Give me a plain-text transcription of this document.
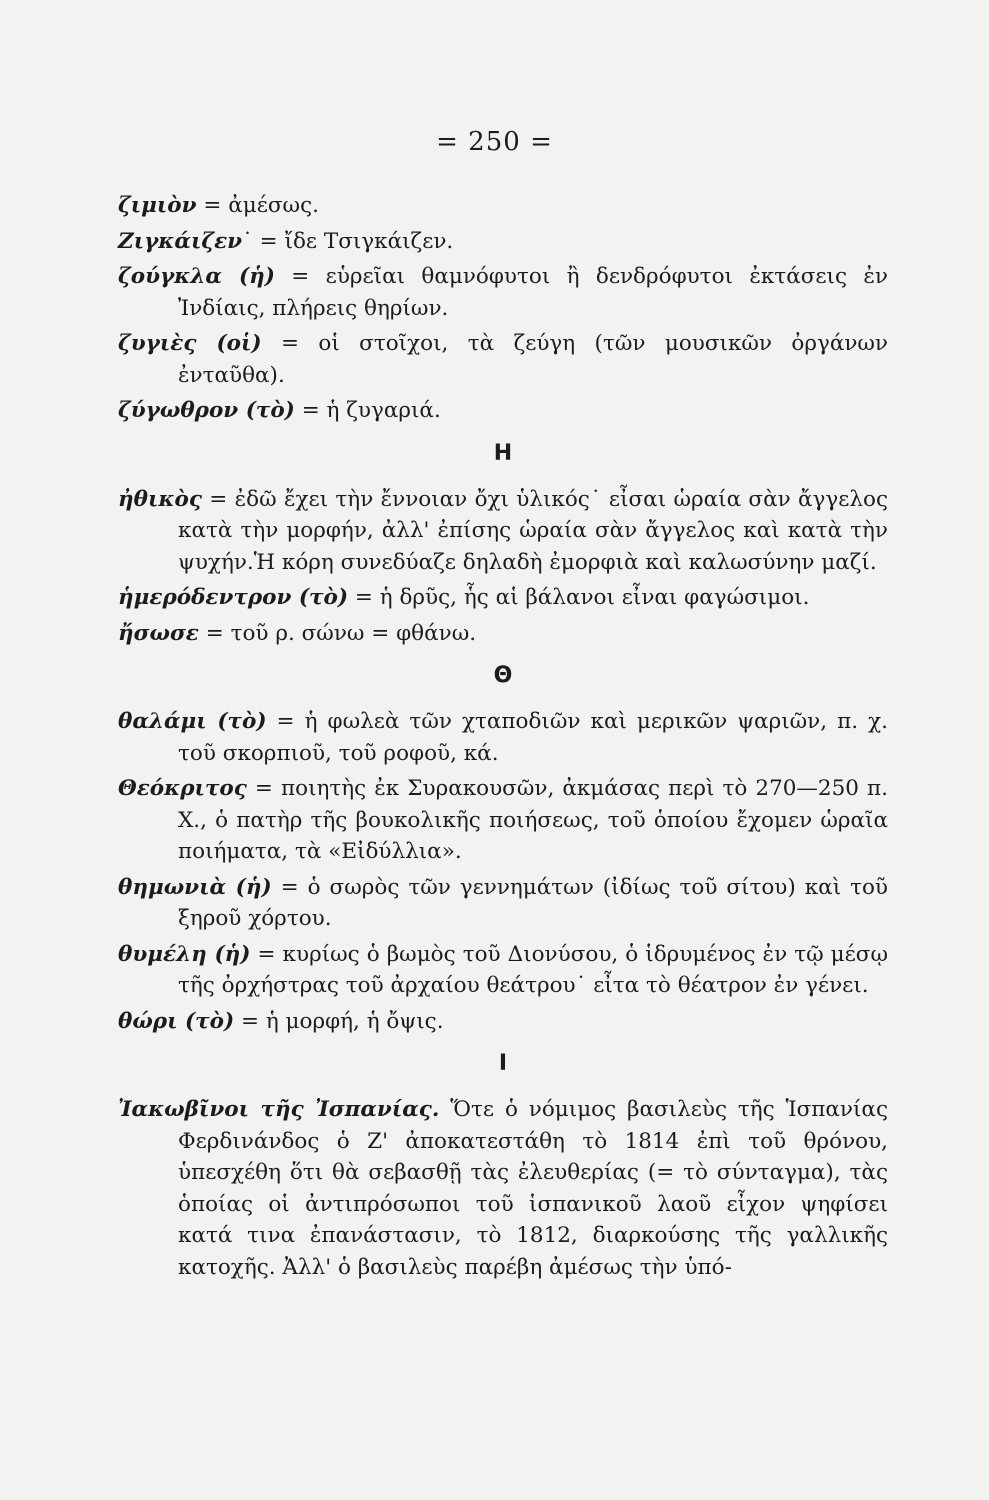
= 250 =

ζιμιὸν = ἀμέσως.

Ζιγκάιζεν˙ = ἴδε Τσιγκάιζεν.

ζούγκλα (ἡ) = εὑρεῖαι θαμνόφυτοι ἢ δενδρόφυτοι ἐκτάσεις ἐν Ἰνδίαις, πλήρεις θηρίων.

ζυγιὲς (οἱ) = οἱ στοῖχοι, τὰ ζεύγη (τῶν μουσικῶν ὀργάνων ἐνταῦθα).

ζύγωθρον (τὸ) = ἡ ζυγαριά.

Η

ἠθικὸς = ἐδῶ ἔχει τὴν ἔννοιαν ὄχι ὑλικός˙ εἶσαι ὡραία σὰν ἄγγελος κατὰ τὴν μορφήν, ἀλλ' ἐπίσης ὡραία σὰν ἄγγελος καὶ κατὰ τὴν ψυχήν.Ἡ κόρη συνεδύαζε δηλαδὴ ἐμορφιὰ καὶ καλωσύνην μαζί.

ἡμερόδεντρον (τὸ) = ἡ δρῦς, ἧς αἱ βάλανοι εἶναι φαγώσιμοι.

ἤσωσε = τοῦ ρ. σώνω = φθάνω.

Θ

θαλάμι (τὸ) = ἡ φωλεὰ τῶν χταποδιῶν καὶ μερικῶν ψαριῶν, π. χ. τοῦ σκορπιοῦ, τοῦ ροφοῦ, κά.

Θεόκριτος = ποιητὴς ἐκ Συρακουσῶν, ἀκμάσας περὶ τὸ 270—250 π. Χ., ὁ πατὴρ τῆς βουκολικῆς ποιήσεως, τοῦ ὁποίου ἔχομεν ὡραῖα ποιήματα, τὰ «Εἰδύλλια».

θημωνιὰ (ἡ) = ὁ σωρὸς τῶν γεννημάτων (ἰδίως τοῦ σίτου) καὶ τοῦ ξηροῦ χόρτου.

θυμέλη (ἡ) = κυρίως ὁ βωμὸς τοῦ Διονύσου, ὁ ἱδρυμένος ἐν τῷ μέσῳ τῆς ὀρχήστρας τοῦ ἀρχαίου θεάτρου˙ εἶτα τὸ θέατρον ἐν γένει.

θώρι (τὸ) = ἡ μορφή, ἡ ὄψις.

Ι

Ἰακωβῖνοι τῆς Ἰσπανίας. Ὅτε ὁ νόμιμος βασιλεὺς τῆς Ἱσπανίας Φερδινάνδος ὁ Ζ' ἀποκατεστάθη τὸ 1814 ἐπὶ τοῦ θρόνου, ὑπεσχέθη ὅτι θὰ σεβασθῇ τὰς ἐλευθερίας (= τὸ σύνταγμα), τὰς ὁποίας οἱ ἀντιπρόσωποι τοῦ ἱσπανικοῦ λαοῦ εἶχον ψηφίσει κατά τινα ἐπανάστασιν, τὸ 1812, διαρκούσης τῆς γαλλικῆς κατοχῆς. Ἀλλ' ὁ βασιλεὺς παρέβη ἀμέσως τὴν ὑπό-
